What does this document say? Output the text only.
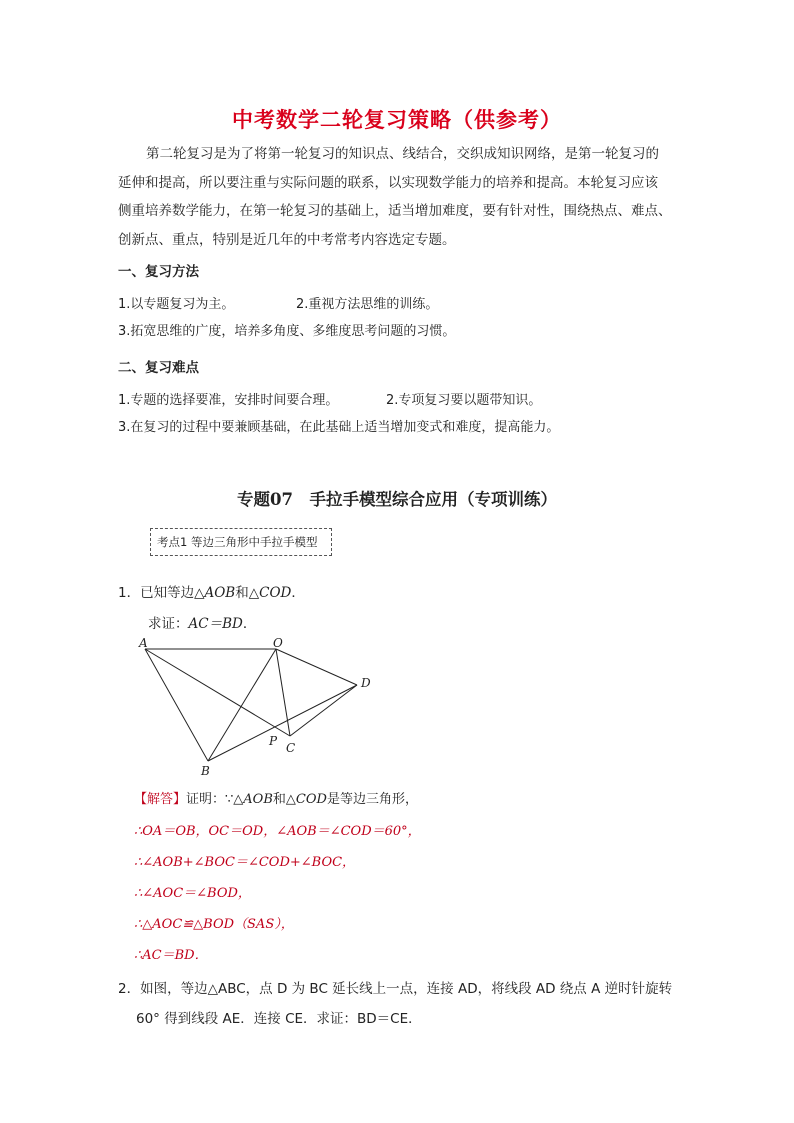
中考数学二轮复习策略（供参考）
第二轮复习是为了将第一轮复习的知识点、线结合，交织成知识网络，是第一轮复习的
延伸和提高，所以要注重与实际问题的联系，以实现数学能力的培养和提高。本轮复习应该
侧重培养数学能力，在第一轮复习的基础上，适当增加难度，要有针对性，围绕热点、难点、
创新点、重点，特别是近几年的中考常考内容选定专题。
一、复习方法
1.以专题复习为主。	2.重视方法思维的训练。
3.拓宽思维的广度，培养多角度、多维度思考问题的习惯。
二、复习难点
1.专题的选择要准，安排时间要合理。	2.专项复习要以题带知识。
3.在复习的过程中要兼顾基础，在此基础上适当增加变式和难度，提高能力。
专题07　手拉手模型综合应用（专项训练）
考点1 等边三角形中手拉手模型
1．已知等边△AOB和△COD．
求证：AC＝BD．
A	O
D
P C
B
【解答】证明：∵△AOB和△COD是等边三角形，
∴OA＝OB，OC＝OD，∠AOB＝∠COD＝60°，
∴∠AOB+∠BOC＝∠COD+∠BOC，
∴∠AOC＝∠BOD，
∴△AOC≌△BOD（SAS），
∴AC＝BD．
2．如图，等边△ABC，点 D 为 BC 延长线上一点，连接 AD，将线段 AD 绕点 A 逆时针旋转
60° 得到线段 AE．连接 CE．求证：BD＝CE．
